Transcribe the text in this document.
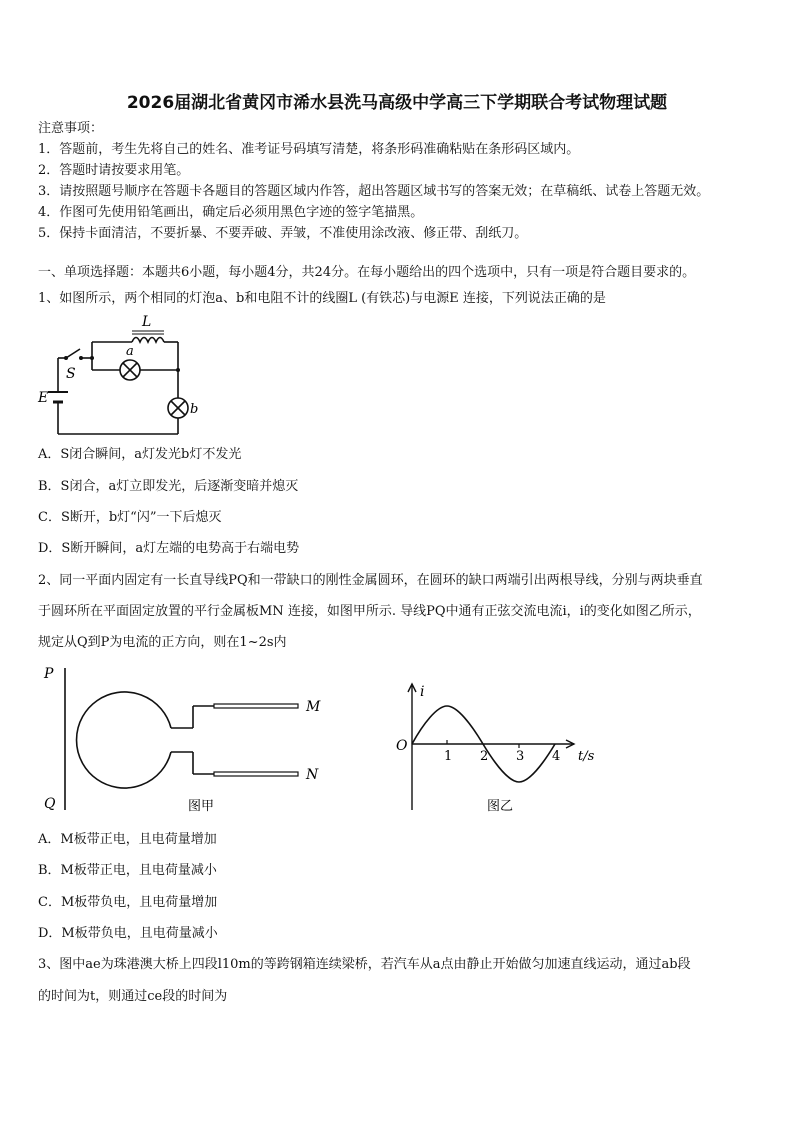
2026届湖北省黄冈市浠水县洗马高级中学高三下学期联合考试物理试题
注意事项：
1．答题前，考生先将自己的姓名、准考证号码填写清楚，将条形码准确粘贴在条形码区域内。
2．答题时请按要求用笔。
3．请按照题号顺序在答题卡各题目的答题区域内作答，超出答题区域书写的答案无效；在草稿纸、试卷上答题无效。
4．作图可先使用铅笔画出，确定后必须用黑色字迹的签字笔描黑。
5．保持卡面清洁，不要折暴、不要弄破、弄皱，不准使用涂改液、修正带、刮纸刀。
一、单项选择题：本题共6小题，每小题4分，共24分。在每小题给出的四个选项中，只有一项是符合题目要求的。
1、如图所示，两个相同的灯泡a、b和电阻不计的线圈L (有铁芯)与电源E 连接，下列说法正确的是
L
a
S
E
b
A．S闭合瞬间，a灯发光b灯不发光
B．S闭合，a灯立即发光，后逐渐变暗并熄灭
C．S断开，b灯“闪”一下后熄灭
D．S断开瞬间，a灯左端的电势高于右端电势
2、同一平面内固定有一长直导线PQ和一带缺口的刚性金属圆环，在圆环的缺口两端引出两根导线，分别与两块垂直
于圆环所在平面固定放置的平行金属板MN 连接，如图甲所示. 导线PQ中通有正弦交流电流i，i的变化如图乙所示，
规定从Q到P为电流的正方向，则在1~2s内
P
Q
M
N
图甲
i
O
1 2 3 4 t/s
图乙
A．M板带正电，且电荷量增加
B．M板带正电，且电荷量减小
C．M板带负电，且电荷量增加
D．M板带负电，且电荷量减小
3、图中ae为珠港澳大桥上四段l10m的等跨钢箱连续梁桥，若汽车从a点由静止开始做匀加速直线运动，通过ab段
的时间为t，则通过ce段的时间为
